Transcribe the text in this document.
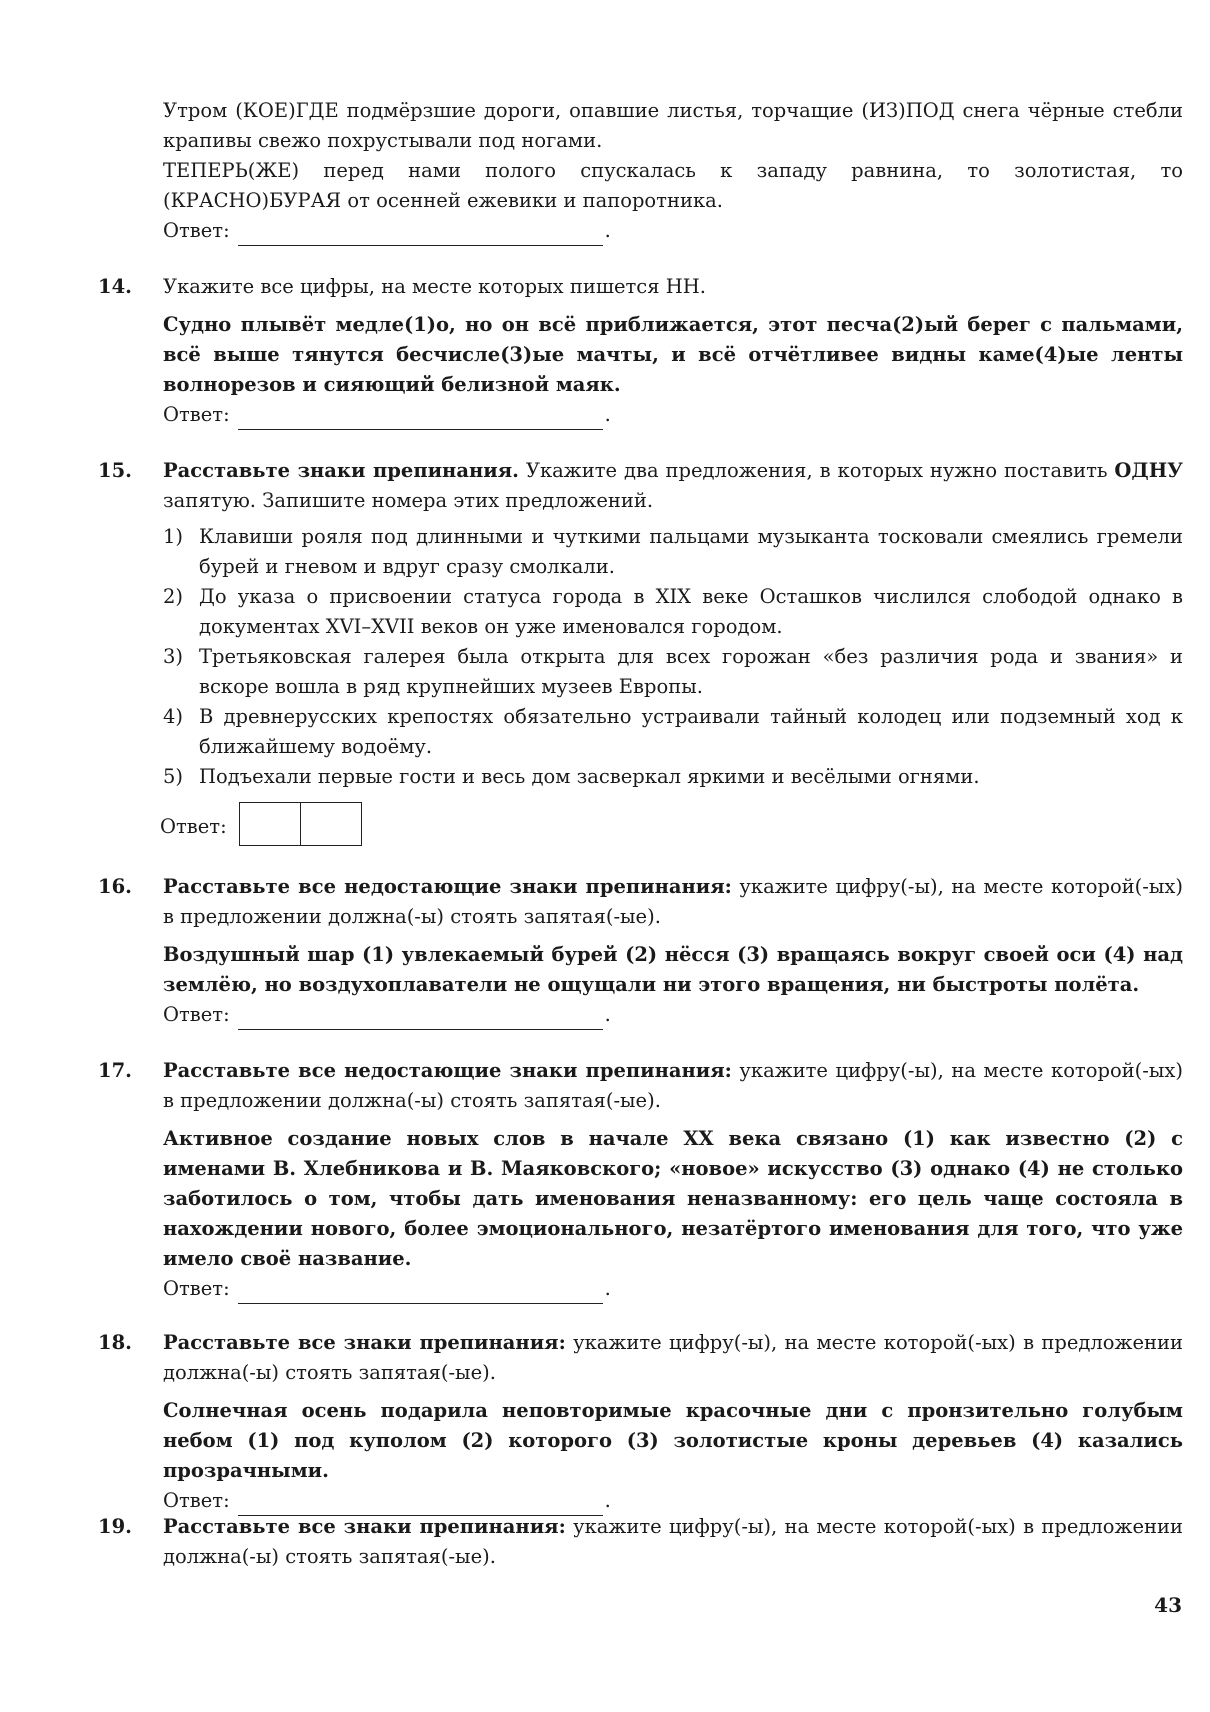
Утром (КОЕ)ГДЕ подмёрзшие дороги, опавшие листья, торчащие (ИЗ)ПОД снега чёрные стебли крапивы свежо похрустывали под ногами.

ТЕПЕРЬ(ЖЕ) перед нами полого спускалась к западу равнина, то золотистая, то (КРАСНО)БУРАЯ от осенней ежевики и папоротника.

Ответ:	.
14. Укажите все цифры, на месте которых пишется НН.

Судно плывёт медле(1)о, но он всё приближается, этот песча(2)ый берег с пальмами, всё выше тянутся бесчисле(3)ые мачты, и всё отчётливее видны каме(4)ые ленты волнорезов и сияющий белизной маяк.

Ответ:	.
15. Расставьте знаки препинания. Укажите два предложения, в которых нужно поставить ОДНУ запятую. Запишите номера этих предложений.

1) Клавиши рояля под длинными и чуткими пальцами музыканта тосковали смеялись гремели бурей и гневом и вдруг сразу смолкали.
2) До указа о присвоении статуса города в XIX веке Осташков числился слободой однако в документах XVI–XVII веков он уже именовался городом.
3) Третьяковская галерея была открыта для всех горожан «без различия рода и звания» и вскоре вошла в ряд крупнейших музеев Европы.
4) В древнерусских крепостях обязательно устраивали тайный колодец или подземный ход к ближайшему водоёму.
5) Подъехали первые гости и весь дом засверкал яркими и весёлыми огнями.
Ответ:
16. Расставьте все недостающие знаки препинания: укажите цифру(-ы), на месте которой(-ых) в предложении должна(-ы) стоять запятая(-ые).

Воздушный шар (1) увлекаемый бурей (2) нёсся (3) вращаясь вокруг своей оси (4) над землёю, но воздухоплаватели не ощущали ни этого вращения, ни быстроты полёта.

Ответ:	.
17. Расставьте все недостающие знаки препинания: укажите цифру(-ы), на месте которой(-ых) в предложении должна(-ы) стоять запятая(-ые).

Активное создание новых слов в начале XX века связано (1) как известно (2) с именами В. Хлебникова и В. Маяковского; «новое» искусство (3) однако (4) не столько заботилось о том, чтобы дать именования неназванному: его цель чаще состояла в нахождении нового, более эмоционального, незатёртого именования для того, что уже имело своё название.

Ответ:	.
18. Расставьте все знаки препинания: укажите цифру(-ы), на месте которой(-ых) в предложении должна(-ы) стоять запятая(-ые).

Солнечная осень подарила неповторимые красочные дни с пронзительно голубым небом (1) под куполом (2) которого (3) золотистые кроны деревьев (4) казались прозрачными.

Ответ:	.
19. Расставьте все знаки препинания: укажите цифру(-ы), на месте которой(-ых) в предложении должна(-ы) стоять запятая(-ые).

43
